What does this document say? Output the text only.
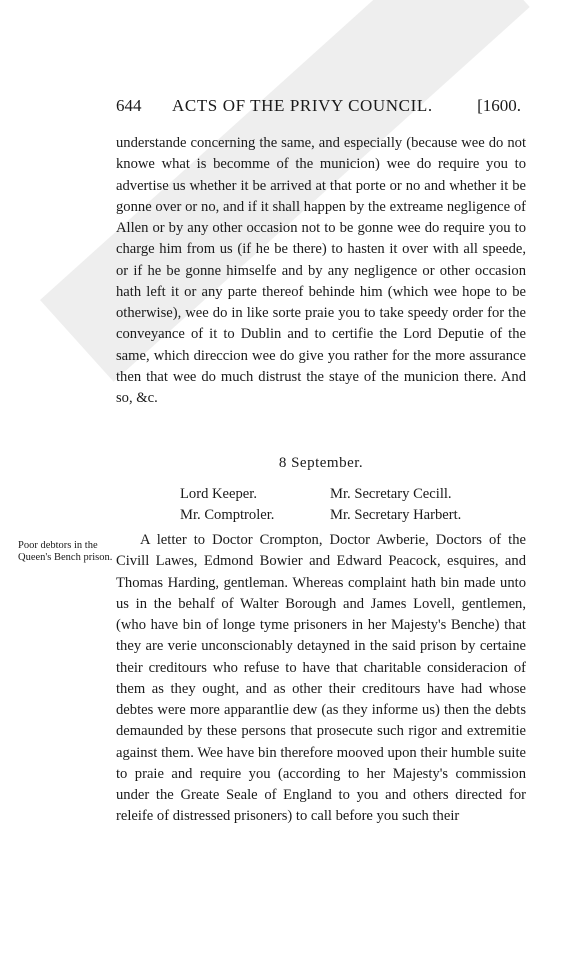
644 ACTS OF THE PRIVY COUNCIL.	[1600.

understande concerning the same, and especially (because wee do not knowe what is becomme of the municion) wee do require you to advertise us whether it be arrived at that porte or no and whether it be gonne over or no, and if it shall happen by the extreame negligence of Allen or by any other occasion not to be gonne wee do require you to charge him from us (if he be there) to hasten it over with all speede, or if he be gonne himselfe and by any negligence or other occasion hath left it or any parte thereof behinde him (which wee hope to be otherwise), wee do in like sorte praie you to take speedy order for the conveyance of it to Dublin and to certifie the Lord Deputie of the same, which direccion wee do give you rather for the more assurance then that wee do much distrust the staye of the municion there. And so, &c.

8 September.
Lord Keeper.	Mr. Secretary Cecill.
Mr. Comptroler.	Mr. Secretary Harbert.
Poor debtors in the Queen's Bench prison.

A letter to Doctor Crompton, Doctor Awberie, Doctors of the Civill Lawes, Edmond Bowier and Edward Peacock, esquires, and Thomas Harding, gentleman. Whereas complaint hath bin made unto us in the behalf of Walter Borough and James Lovell, gentlemen, (who have bin of longe tyme prisoners in her Majesty's Benche) that they are verie unconscionably detayned in the said prison by certaine their creditours who refuse to have that charitable consideracion of them as they ought, and as other their creditours have had whose debtes were more apparantlie dew (as they informe us) then the debts demaunded by these persons that prosecute such rigor and extremitie against them. Wee have bin therefore mooved upon their humble suite to praie and require you (according to her Majesty's commission under the Greate Seale of England to you and others directed for releife of distressed prisoners) to call before you such their
